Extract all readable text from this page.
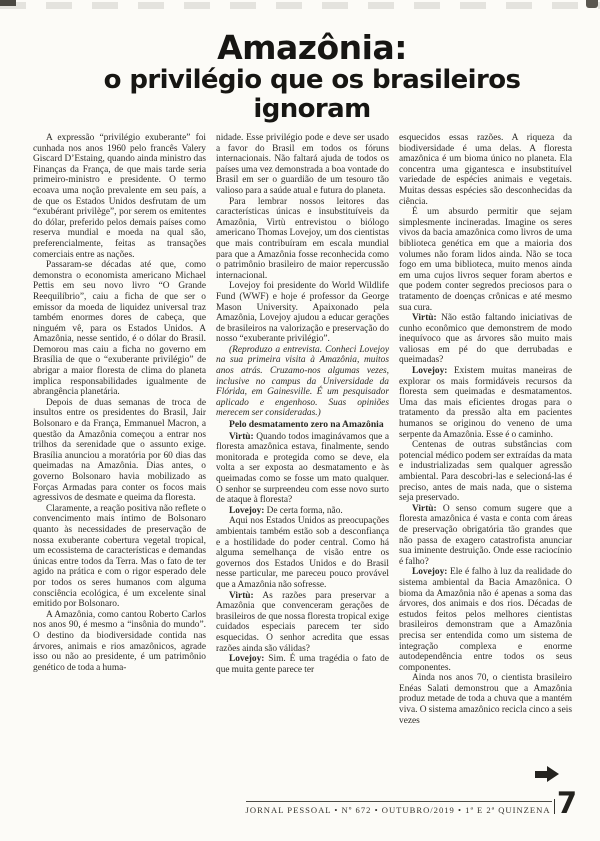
Amazônia:
o privilégio que os brasileiros ignoram

A expressão “privilégio exuberante” foi cunhada nos anos 1960 pelo francês Valery Giscard D’Estaing, quando ainda ministro das Finanças da França, de que mais tarde seria primeiro-ministro e presidente. O termo ecoava uma noção prevalente em seu país, a de que os Estados Unidos desfrutam de um “exubérant privilège”, por serem os emitentes do dólar, preferido pelos demais países como reserva mundial e moeda na qual são, preferencialmente, feitas as transações comerciais entre as nações.

Passaram-se décadas até que, como demonstra o economista americano Michael Pettis em seu novo livro “O Grande Reequilíbrio”, caiu a ficha de que ser o emissor da moeda de liquidez universal traz também enormes dores de cabeça, que ninguém vê, para os Estados Unidos. A Amazônia, nesse sentido, é o dólar do Brasil. Demorou mas caiu a ficha no governo em Brasília de que o “exuberante privilégio” de abrigar a maior floresta de clima do planeta implica responsabilidades igualmente de abrangência planetária.

Depois de duas semanas de troca de insultos entre os presidentes do Brasil, Jair Bolsonaro e da França, Emmanuel Macron, a questão da Amazônia começou a entrar nos trilhos da serenidade que o assunto exige. Brasília anunciou a moratória por 60 dias das queimadas na Amazônia. Dias antes, o governo Bolsonaro havia mobilizado as Forças Armadas para conter os focos mais agressivos de desmate e queima da floresta.

Claramente, a reação positiva não reflete o convencimento mais íntimo de Bolsonaro quanto às necessidades de preservação de nossa exuberante cobertura vegetal tropical, um ecossistema de características e demandas únicas entre todos da Terra. Mas o fato de ter agido na prática e com o rigor esperado dele por todos os seres humanos com alguma consciência ecológica, é um excelente sinal emitido por Bolsonaro.

A Amazônia, como cantou Roberto Carlos nos anos 90, é mesmo a “insônia do mundo”. O destino da biodiversidade contida nas árvores, animais e rios amazônicos, agrade isso ou não ao presidente, é um patrimônio genético de toda a huma-

nidade. Esse privilégio pode e deve ser usado a favor do Brasil em todos os fóruns internacionais. Não faltará ajuda de todos os países uma vez demonstrada a boa vontade do Brasil em ser o guardião de um tesouro tão valioso para a saúde atual e futura do planeta.

Para lembrar nossos leitores das características únicas e insubstituíveis da Amazônia, Virtù entrevistou o biólogo americano Thomas Lovejoy, um dos cientistas que mais contribuíram em escala mundial para que a Amazônia fosse reconhecida como o patrimônio brasileiro de maior repercussão internacional.

Lovejoy foi presidente do World Wildlife Fund (WWF) e hoje é professor da George Mason University. Apaixonado pela Amazônia, Lovejoy ajudou a educar gerações de brasileiros na valorização e preservação do nosso “exuberante privilégio”.

(Reproduzo a entrevista. Conheci Lovejoy na sua primeira visita à Amazônia, muitos anos atrás. Cruzamo-nos algumas vezes, inclusive no campus da Universidade da Flórida, em Gainesville. É um pesquisador aplicado e engenhoso. Suas opiniões merecem ser consideradas.)

Pelo desmatamento zero na Amazônia

Virtù: Quando todos imaginávamos que a floresta amazônica estava, finalmente, sendo monitorada e protegida como se deve, ela volta a ser exposta ao desmatamento e às queimadas como se fosse um mato qualquer. O senhor se surpreendeu com esse novo surto de ataque à floresta?

Lovejoy: De certa forma, não.

Aqui nos Estados Unidos as preocupações ambientais também estão sob a desconfiança e a hostilidade do poder central. Como há alguma semelhança de visão entre os governos dos Estados Unidos e do Brasil nesse particular, me pareceu pouco provável que a Amazônia não sofresse.

Virtù: As razões para preservar a Amazônia que convenceram gerações de brasileiros de que nossa floresta tropical exige cuidados especiais parecem ter sido esquecidas. O senhor acredita que essas razões ainda são válidas?

Lovejoy: Sim. É uma tragédia o fato de que muita gente parece ter

esquecidos essas razões. A riqueza da biodiversidade é uma delas. A floresta amazônica é um bioma único no planeta. Ela concentra uma gigantesca e insubstituível variedade de espécies animais e vegetais. Muitas dessas espécies são desconhecidas da ciência.

É um absurdo permitir que sejam simplesmente incineradas. Imagine os seres vivos da bacia amazônica como livros de uma biblioteca genética em que a maioria dos volumes não foram lidos ainda. Não se toca fogo em uma biblioteca, muito menos ainda em uma cujos livros sequer foram abertos e que podem conter segredos preciosos para o tratamento de doenças crônicas e até mesmo sua cura.

Virtù: Não estão faltando iniciativas de cunho econômico que demonstrem de modo inequívoco que as árvores são muito mais valiosas em pé do que derrubadas e queimadas?

Lovejoy: Existem muitas maneiras de explorar os mais formidáveis recursos da floresta sem queimadas e desmatamentos. Uma das mais eficientes drogas para o tratamento da pressão alta em pacientes humanos se originou do veneno de uma serpente da Amazônia. Esse é o caminho.

Centenas de outras substâncias com potencial médico podem ser extraídas da mata e industrializadas sem qualquer agressão ambiental. Para descobri-las e selecioná-las é preciso, antes de mais nada, que o sistema seja preservado.

Virtù: O senso comum sugere que a floresta amazônica é vasta e conta com áreas de preservação obrigatória tão grandes que não passa de exagero catastrofista anunciar sua iminente destruição. Onde esse raciocínio é falho?

Lovejoy: Ele é falho à luz da realidade do sistema ambiental da Bacia Amazônica. O bioma da Amazônia não é apenas a soma das árvores, dos animais e dos rios. Décadas de estudos feitos pelos melhores cientistas brasileiros demonstram que a Amazônia precisa ser entendida como um sistema de integração complexa e enorme autodependência entre todos os seus componentes.

Ainda nos anos 70, o cientista brasileiro Enéas Salati demonstrou que a Amazônia produz metade de toda a chuva que a mantém viva. O sistema amazônico recicla cinco a seis vezes

JORNAL PESSOAL • Nº 672 • OUTUBRO/2019 • 1ª E 2ª QUINZENA 7
